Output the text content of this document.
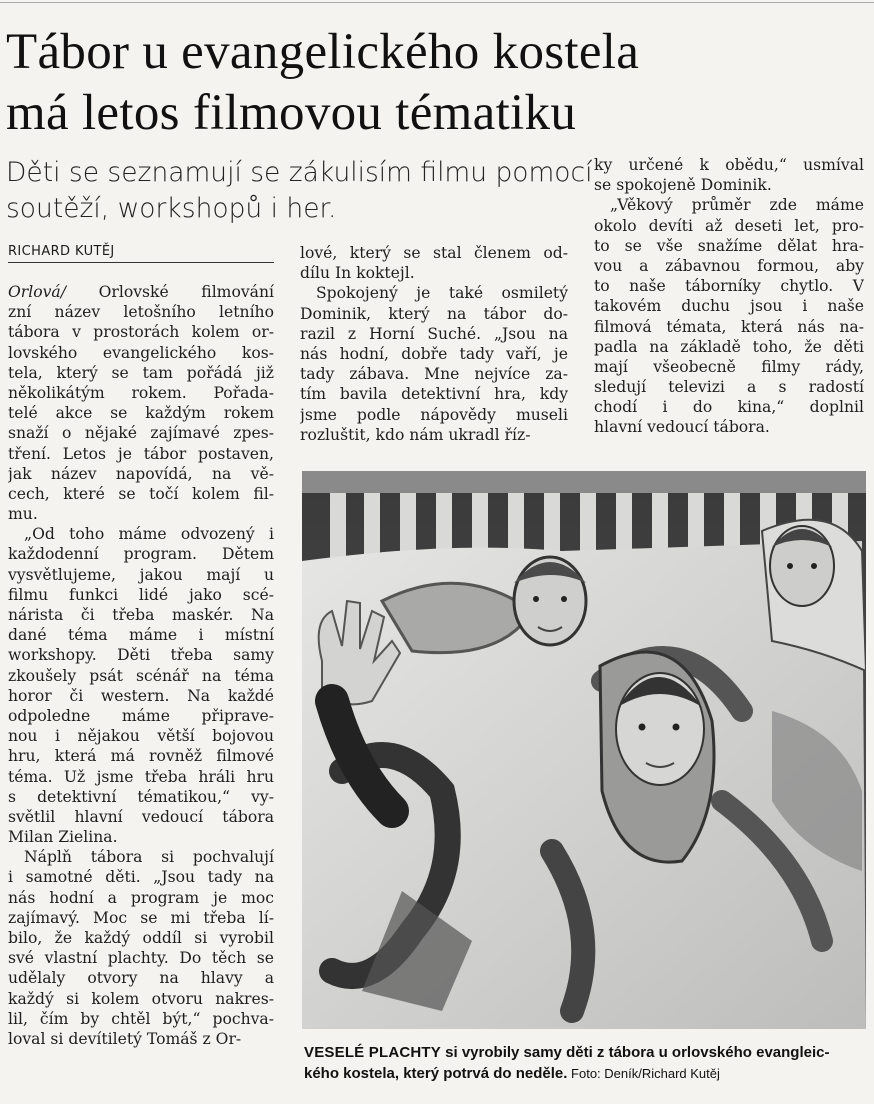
Tábor u evangelického kostela
má letos filmovou tématiku
Děti se seznamují se zákulisím filmu pomocí
soutěží, workshopů i her.
RICHARD KUTĚJ
Orlová/ Orlovské filmování
zní název letošního letního
tábora v prostorách kolem or-
lovského evangelického kos-
tela, který se tam pořádá již
několikátým rokem. Pořada-
telé akce se každým rokem
snaží o nějaké zajímavé zpes-
tření. Letos je tábor postaven,
jak název napovídá, na vě-
cech, které se točí kolem fil-
mu.
„Od toho máme odvozený i
každodenní program. Dětem
vysvětlujeme, jakou mají u
filmu funkci lidé jako scé-
nárista či třeba maskér. Na
dané téma máme i místní
workshopy. Děti třeba samy
zkoušely psát scénář na téma
horor či western. Na každé
odpoledne máme připrave-
nou i nějakou větší bojovou
hru, která má rovněž filmové
téma. Už jsme třeba hráli hru
s detektivní tématikou,“ vy-
světlil hlavní vedoucí tábora
Milan Zielina.
Náplň tábora si pochvalují
i samotné děti. „Jsou tady na
nás hodní a program je moc
zajímavý. Moc se mi třeba lí-
bilo, že každý oddíl si vyrobil
své vlastní plachty. Do těch se
udělaly otvory na hlavy a
každý si kolem otvoru nakres-
lil, čím by chtěl být,“ pochva-
loval si devítiletý Tomáš z Or-
lové, který se stal členem od-
dílu In koktejl.
Spokojený je také osmiletý
Dominik, který na tábor do-
razil z Horní Suché. „Jsou na
nás hodní, dobře tady vaří, je
tady zábava. Mne nejvíce za-
tím bavila detektivní hra, kdy
jsme podle nápovědy museli
rozluštit, kdo nám ukradl říz-
ky určené k obědu,“ usmíval
se spokojeně Dominik.
„Věkový průměr zde máme
okolo devíti až deseti let, pro-
to se vše snažíme dělat hra-
vou a zábavnou formou, aby
to naše táborníky chytlo. V
takovém duchu jsou i naše
filmová témata, která nás na-
padla na základě toho, že děti
mají všeobecně filmy rády,
sledují televizi a s radostí
chodí i do kina,“ doplnil
hlavní vedoucí tábora.
VESELÉ PLACHTY si vyrobily samy děti z tábora u orlovského evangleic-
kého kostela, který potrvá do neděle. Foto: Deník/Richard Kutěj
